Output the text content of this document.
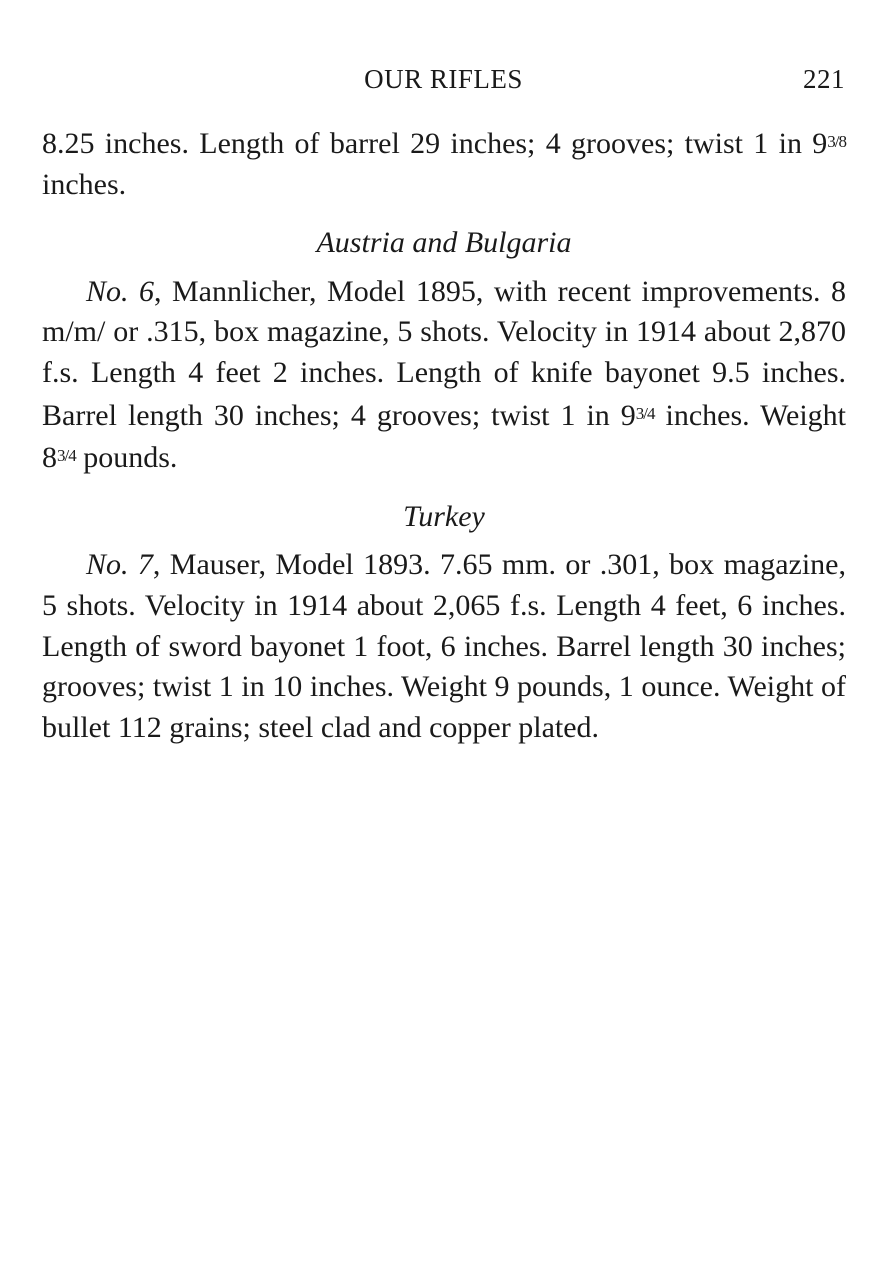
OUR RIFLES	221

8.25 inches. Length of barrel 29 inches; 4 grooves; twist 1 in $9^{3/8}$ inches.

Austria and Bulgaria

No. 6, Mannlicher, Model 1895, with recent improvements. 8 m/m/ or .315, box magazine, 5 shots. Velocity in 1914 about 2,870 f.s. Length 4 feet 2 inches. Length of knife bayonet 9.5 inches. Barrel length 30 inches; 4 grooves; twist 1 in $9^{3/4}$ inches. Weight $8^{3/4}$ pounds.

Turkey

No. 7, Mauser, Model 1893. 7.65 mm. or .301, box magazine, 5 shots. Velocity in 1914 about 2,065 f.s. Length 4 feet, 6 inches. Length of sword bayonet 1 foot, 6 inches. Barrel length 30 inches; grooves; twist 1 in 10 inches. Weight 9 pounds, 1 ounce. Weight of bullet 112 grains; steel clad and copper plated.
